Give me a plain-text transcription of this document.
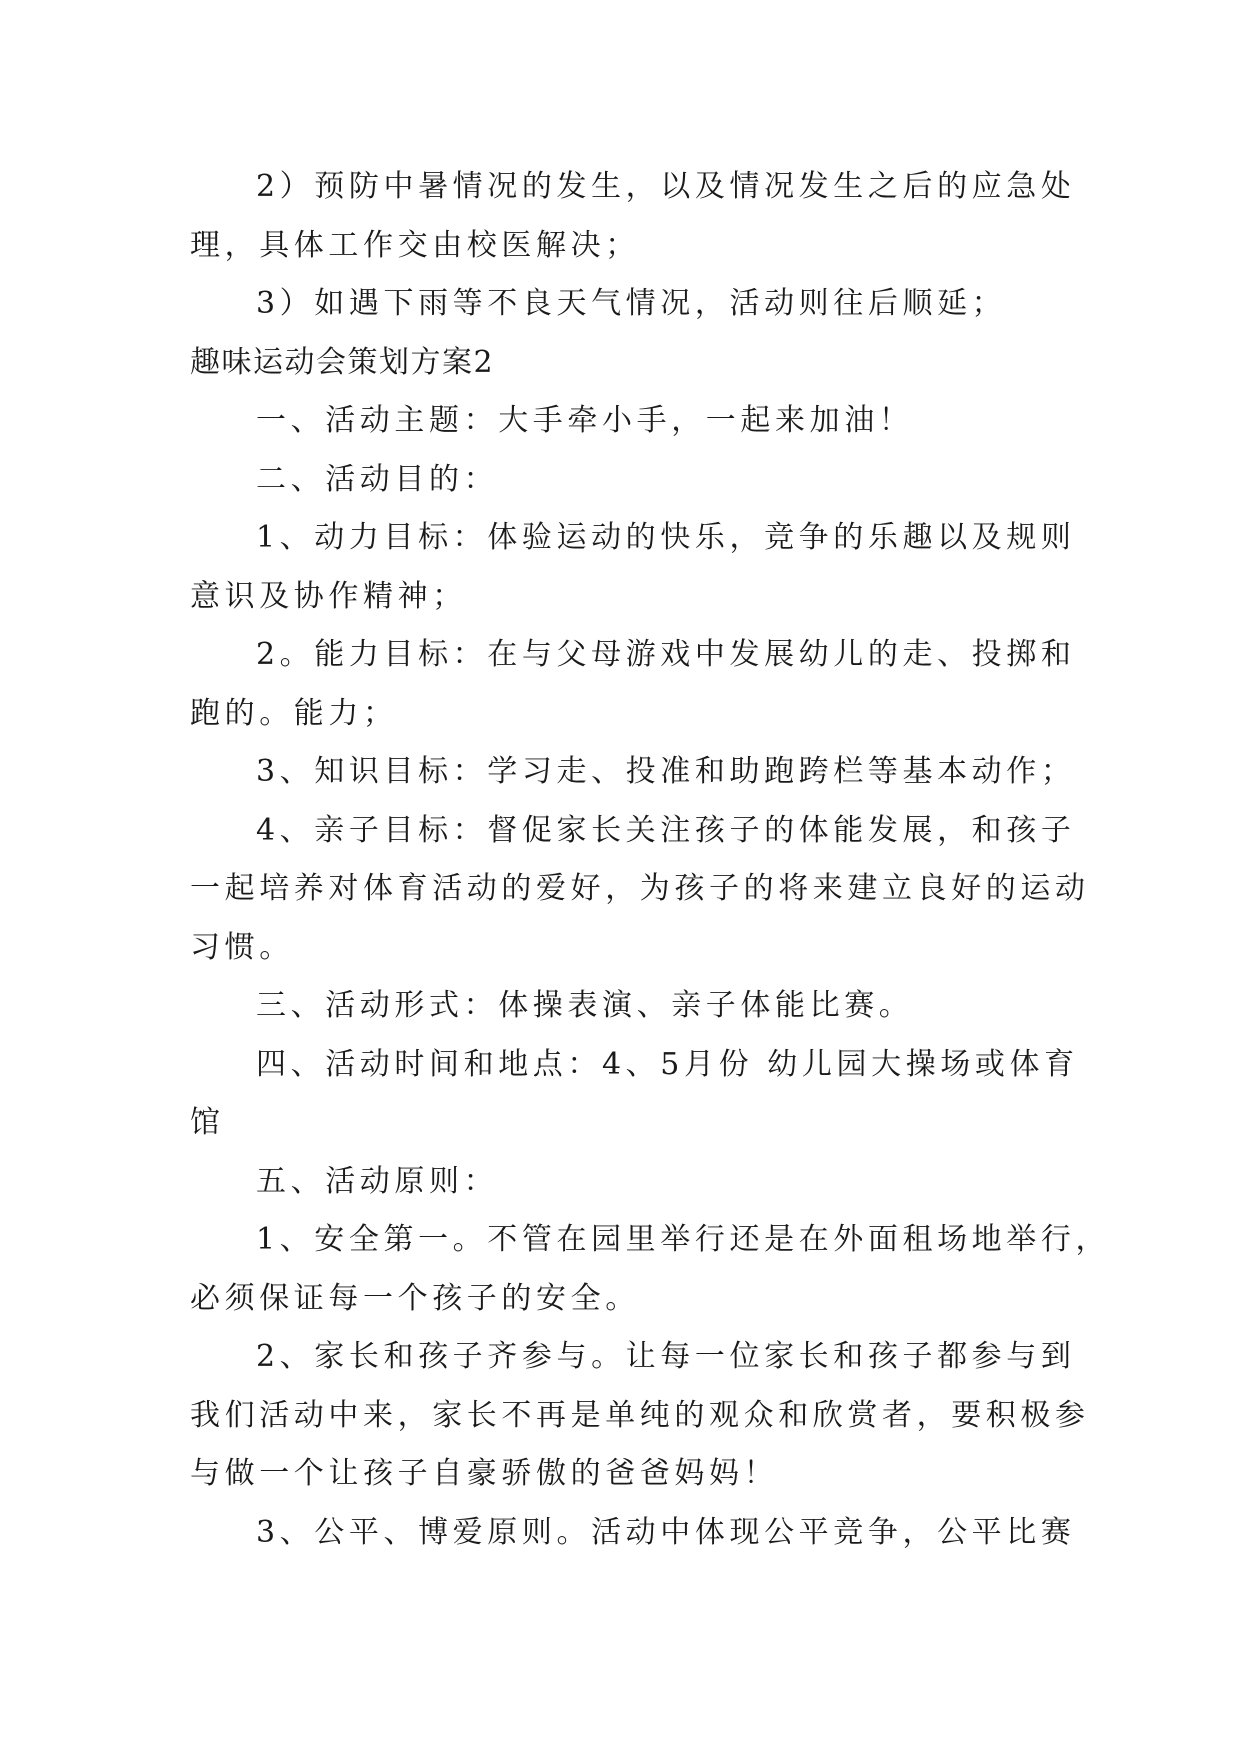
2）预防中暑情况的发生，以及情况发生之后的应急处
理，具体工作交由校医解决；

3）如遇下雨等不良天气情况，活动则往后顺延；

趣味运动会策划方案2

一、活动主题：大手牵小手，一起来加油！

二、活动目的：

1、动力目标：体验运动的快乐，竞争的乐趣以及规则
意识及协作精神；

2。能力目标：在与父母游戏中发展幼儿的走、投掷和
跑的。能力；

3、知识目标：学习走、投准和助跑跨栏等基本动作；

4、亲子目标：督促家长关注孩子的体能发展，和孩子
一起培养对体育活动的爱好，为孩子的将来建立良好的运动
习惯。

三、活动形式：体操表演、亲子体能比赛。

四、活动时间和地点：4、5月份 幼儿园大操场或体育
馆

五、活动原则：

1、安全第一。不管在园里举行还是在外面租场地举行，
必须保证每一个孩子的安全。

2、家长和孩子齐参与。让每一位家长和孩子都参与到
我们活动中来，家长不再是单纯的观众和欣赏者，要积极参
与做一个让孩子自豪骄傲的爸爸妈妈！

3、公平、博爱原则。活动中体现公平竞争，公平比赛
